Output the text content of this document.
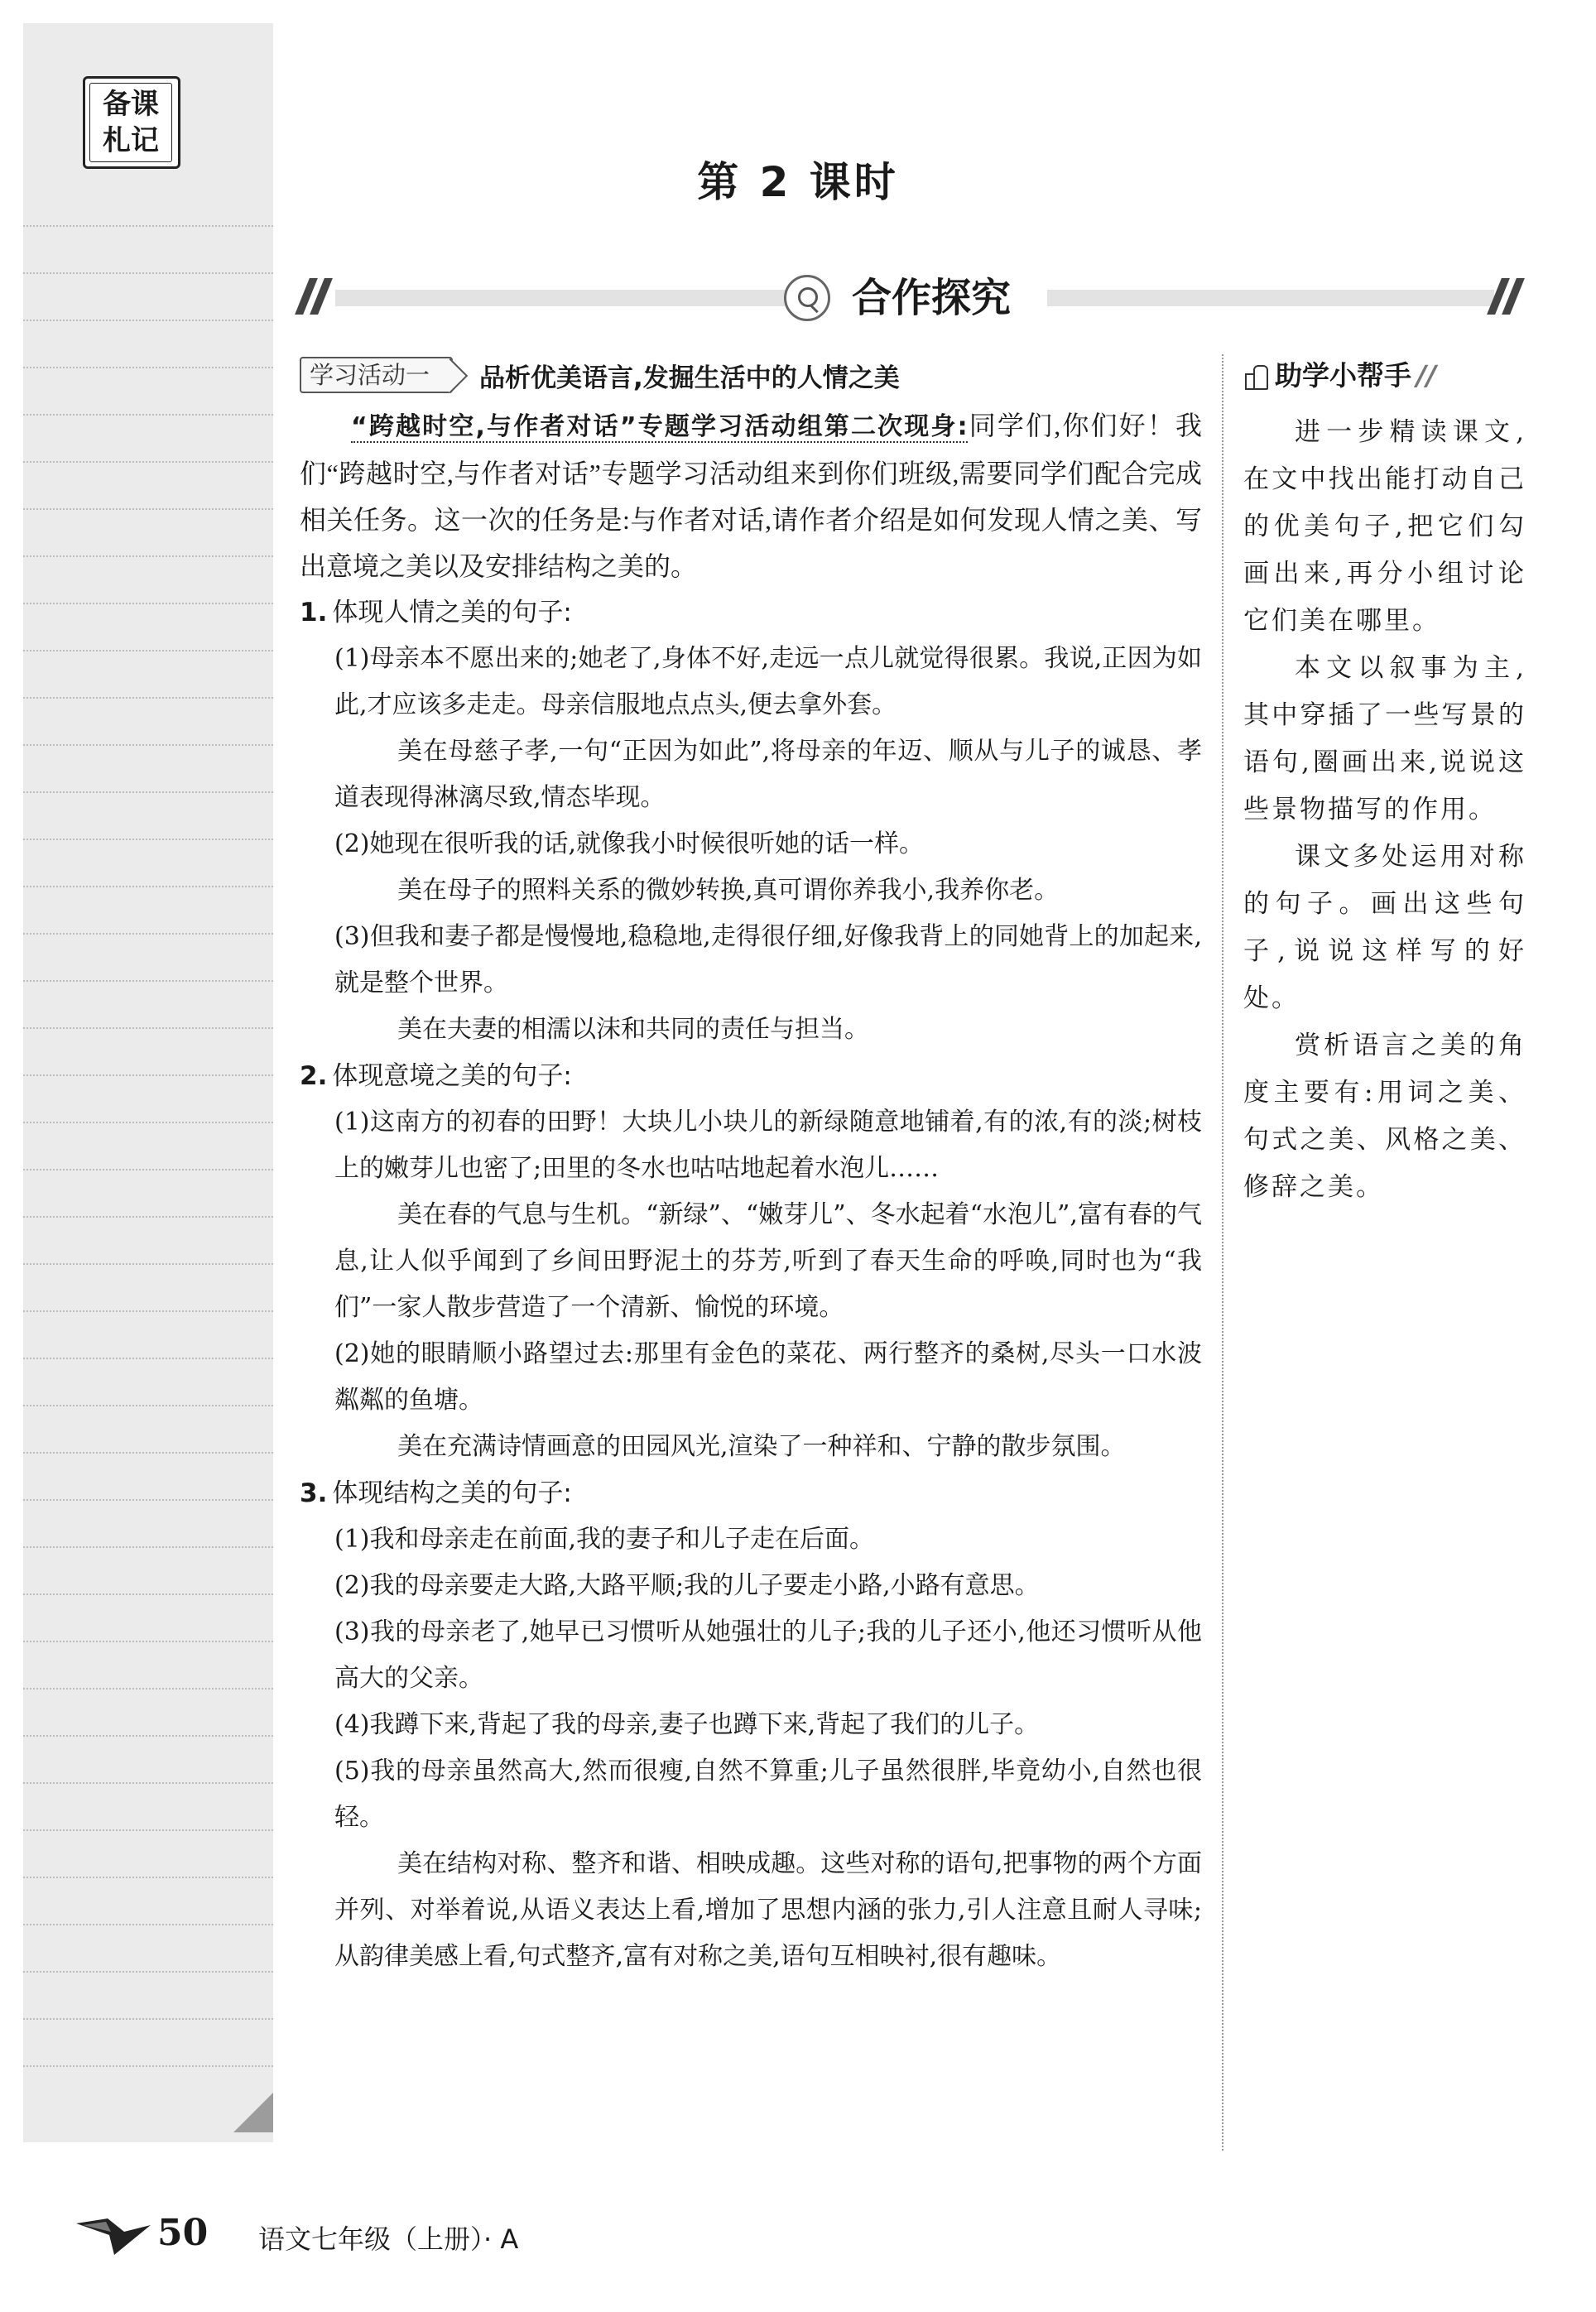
备课
札记
第 2 课时
合作探究
学习活动一	品析优美语言,发掘生活中的人情之美

“跨越时空,与作者对话”专题学习活动组第二次现身:同学们,你们好！我们“跨越时空,与作者对话”专题学习活动组来到你们班级,需要同学们配合完成相关任务。这一次的任务是:与作者对话,请作者介绍是如何发现人情之美、写出意境之美以及安排结构之美的。

1. 体现人情之美的句子:

(1)母亲本不愿出来的;她老了,身体不好,走远一点儿就觉得很累。我说,正因为如此,才应该多走走。母亲信服地点点头,便去拿外套。

美在母慈子孝,一句“正因为如此”,将母亲的年迈、顺从与儿子的诚恳、孝道表现得淋漓尽致,情态毕现。

(2)她现在很听我的话,就像我小时候很听她的话一样。

美在母子的照料关系的微妙转换,真可谓你养我小,我养你老。

(3)但我和妻子都是慢慢地,稳稳地,走得很仔细,好像我背上的同她背上的加起来,就是整个世界。

美在夫妻的相濡以沫和共同的责任与担当。

2. 体现意境之美的句子:

(1)这南方的初春的田野！大块儿小块儿的新绿随意地铺着,有的浓,有的淡;树枝上的嫩芽儿也密了;田里的冬水也咕咕地起着水泡儿……

美在春的气息与生机。“新绿”、“嫩芽儿”、冬水起着“水泡儿”,富有春的气息,让人似乎闻到了乡间田野泥土的芬芳,听到了春天生命的呼唤,同时也为“我们”一家人散步营造了一个清新、愉悦的环境。

(2)她的眼睛顺小路望过去:那里有金色的菜花、两行整齐的桑树,尽头一口水波粼粼的鱼塘。

美在充满诗情画意的田园风光,渲染了一种祥和、宁静的散步氛围。

3. 体现结构之美的句子:

(1)我和母亲走在前面,我的妻子和儿子走在后面。

(2)我的母亲要走大路,大路平顺;我的儿子要走小路,小路有意思。

(3)我的母亲老了,她早已习惯听从她强壮的儿子;我的儿子还小,他还习惯听从他高大的父亲。

(4)我蹲下来,背起了我的母亲,妻子也蹲下来,背起了我们的儿子。

(5)我的母亲虽然高大,然而很瘦,自然不算重;儿子虽然很胖,毕竟幼小,自然也很轻。

美在结构对称、整齐和谐、相映成趣。这些对称的语句,把事物的两个方面并列、对举着说,从语义表达上看,增加了思想内涵的张力,引人注意且耐人寻味;从韵律美感上看,句式整齐,富有对称之美,语句互相映衬,很有趣味。

助学小帮手 //

进一步精读课文,在文中找出能打动自己的优美句子,把它们勾画出来,再分小组讨论它们美在哪里。

本文以叙事为主,其中穿插了一些写景的语句,圈画出来,说说这些景物描写的作用。

课文多处运用对称的句子。画出这些句子,说说这样写的好处。

赏析语言之美的角度主要有:用词之美、句式之美、风格之美、修辞之美。

50 语文七年级（上册）· A
